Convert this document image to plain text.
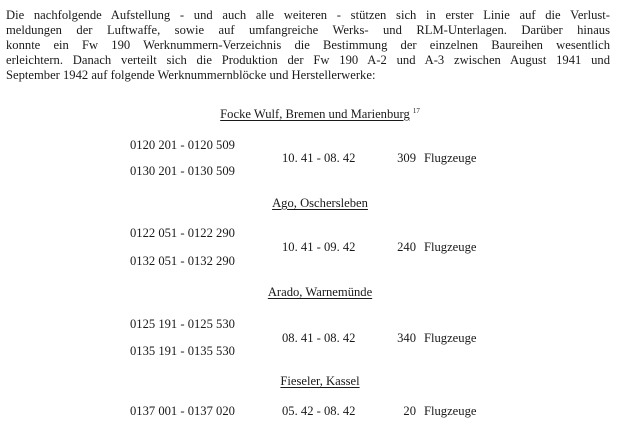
Die nachfolgende Aufstellung - und auch alle weiteren - stützen sich in erster Linie auf die Verlust-
meldungen der Luftwaffe, sowie auf umfangreiche Werks- und RLM-Unterlagen. Darüber hinaus
konnte ein Fw 190 Werknummern-Verzeichnis die Bestimmung der einzelnen Baureihen wesentlich
erleichtern. Danach verteilt sich die Produktion der Fw 190 A-2 und A-3 zwischen August 1941 und
September 1942 auf folgende Werknummernblöcke und Herstellerwerke:
Focke Wulf, Bremen und Marienburg $^{17}$
0120 201 - 0120 509
0130 201 - 0130 509
10. 41 - 08. 42	309 Flugzeuge
Ago, Oschersleben
0122 051 - 0122 290
0132 051 - 0132 290
10. 41 - 09. 42	240 Flugzeuge
Arado, Warnemünde
0125 191 - 0125 530
0135 191 - 0135 530
08. 41 - 08. 42	340 Flugzeuge
Fieseler, Kassel
0137 001 - 0137 020	05. 42 - 08. 42	20 Flugzeuge
